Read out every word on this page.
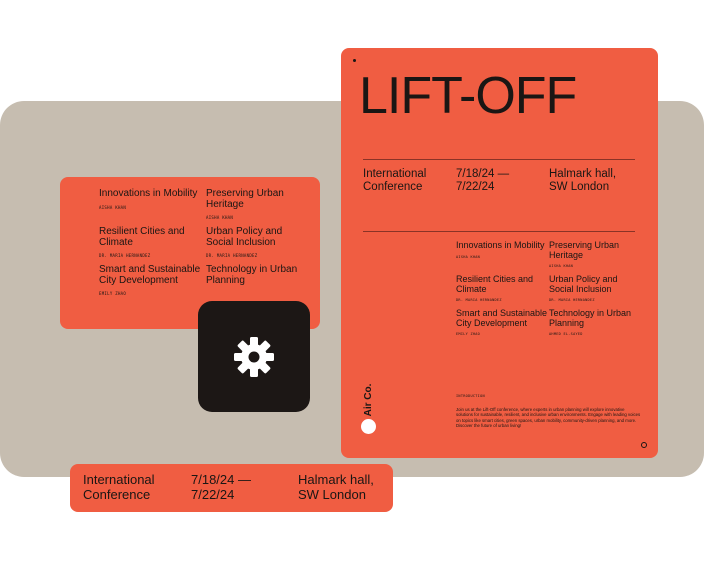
Innovations in Mobility
AISHA KHAN
Preserving Urban Heritage
AISHA KHAN
Resilient Cities and Climate
DR. MARIA HERNANDEZ
Urban Policy and Social Inclusion
DR. MARIA HERNANDEZ
Smart and Sustainable City Development
EMILY ZHAO
Technology in Urban Planning
International Conference
7/18/24 — 7/22/24
Halmark hall, SW London
LIFT-OFF
International Conference
7/18/24 — 7/22/24
Halmark hall, SW London
Innovations in Mobility
AISHA KHAN
Preserving Urban Heritage
AISHA KHAN
Resilient Cities and Climate
DR. MARIA HERNANDEZ
Urban Policy and Social Inclusion
DR. MARIA HERNANDEZ
Smart and Sustainable City Development
EMILY ZHAO
Technology in Urban Planning
AHMED EL-SAYED
Air Co.	INTRODUCTION
Join us at the Lift-Off conference, where experts in urban planning will explore innovative solutions for sustainable, resilient, and inclusive urban environments. Engage with leading voices on topics like smart cities, green spaces, urban mobility, community-driven planning, and more. Discover the future of urban living!
